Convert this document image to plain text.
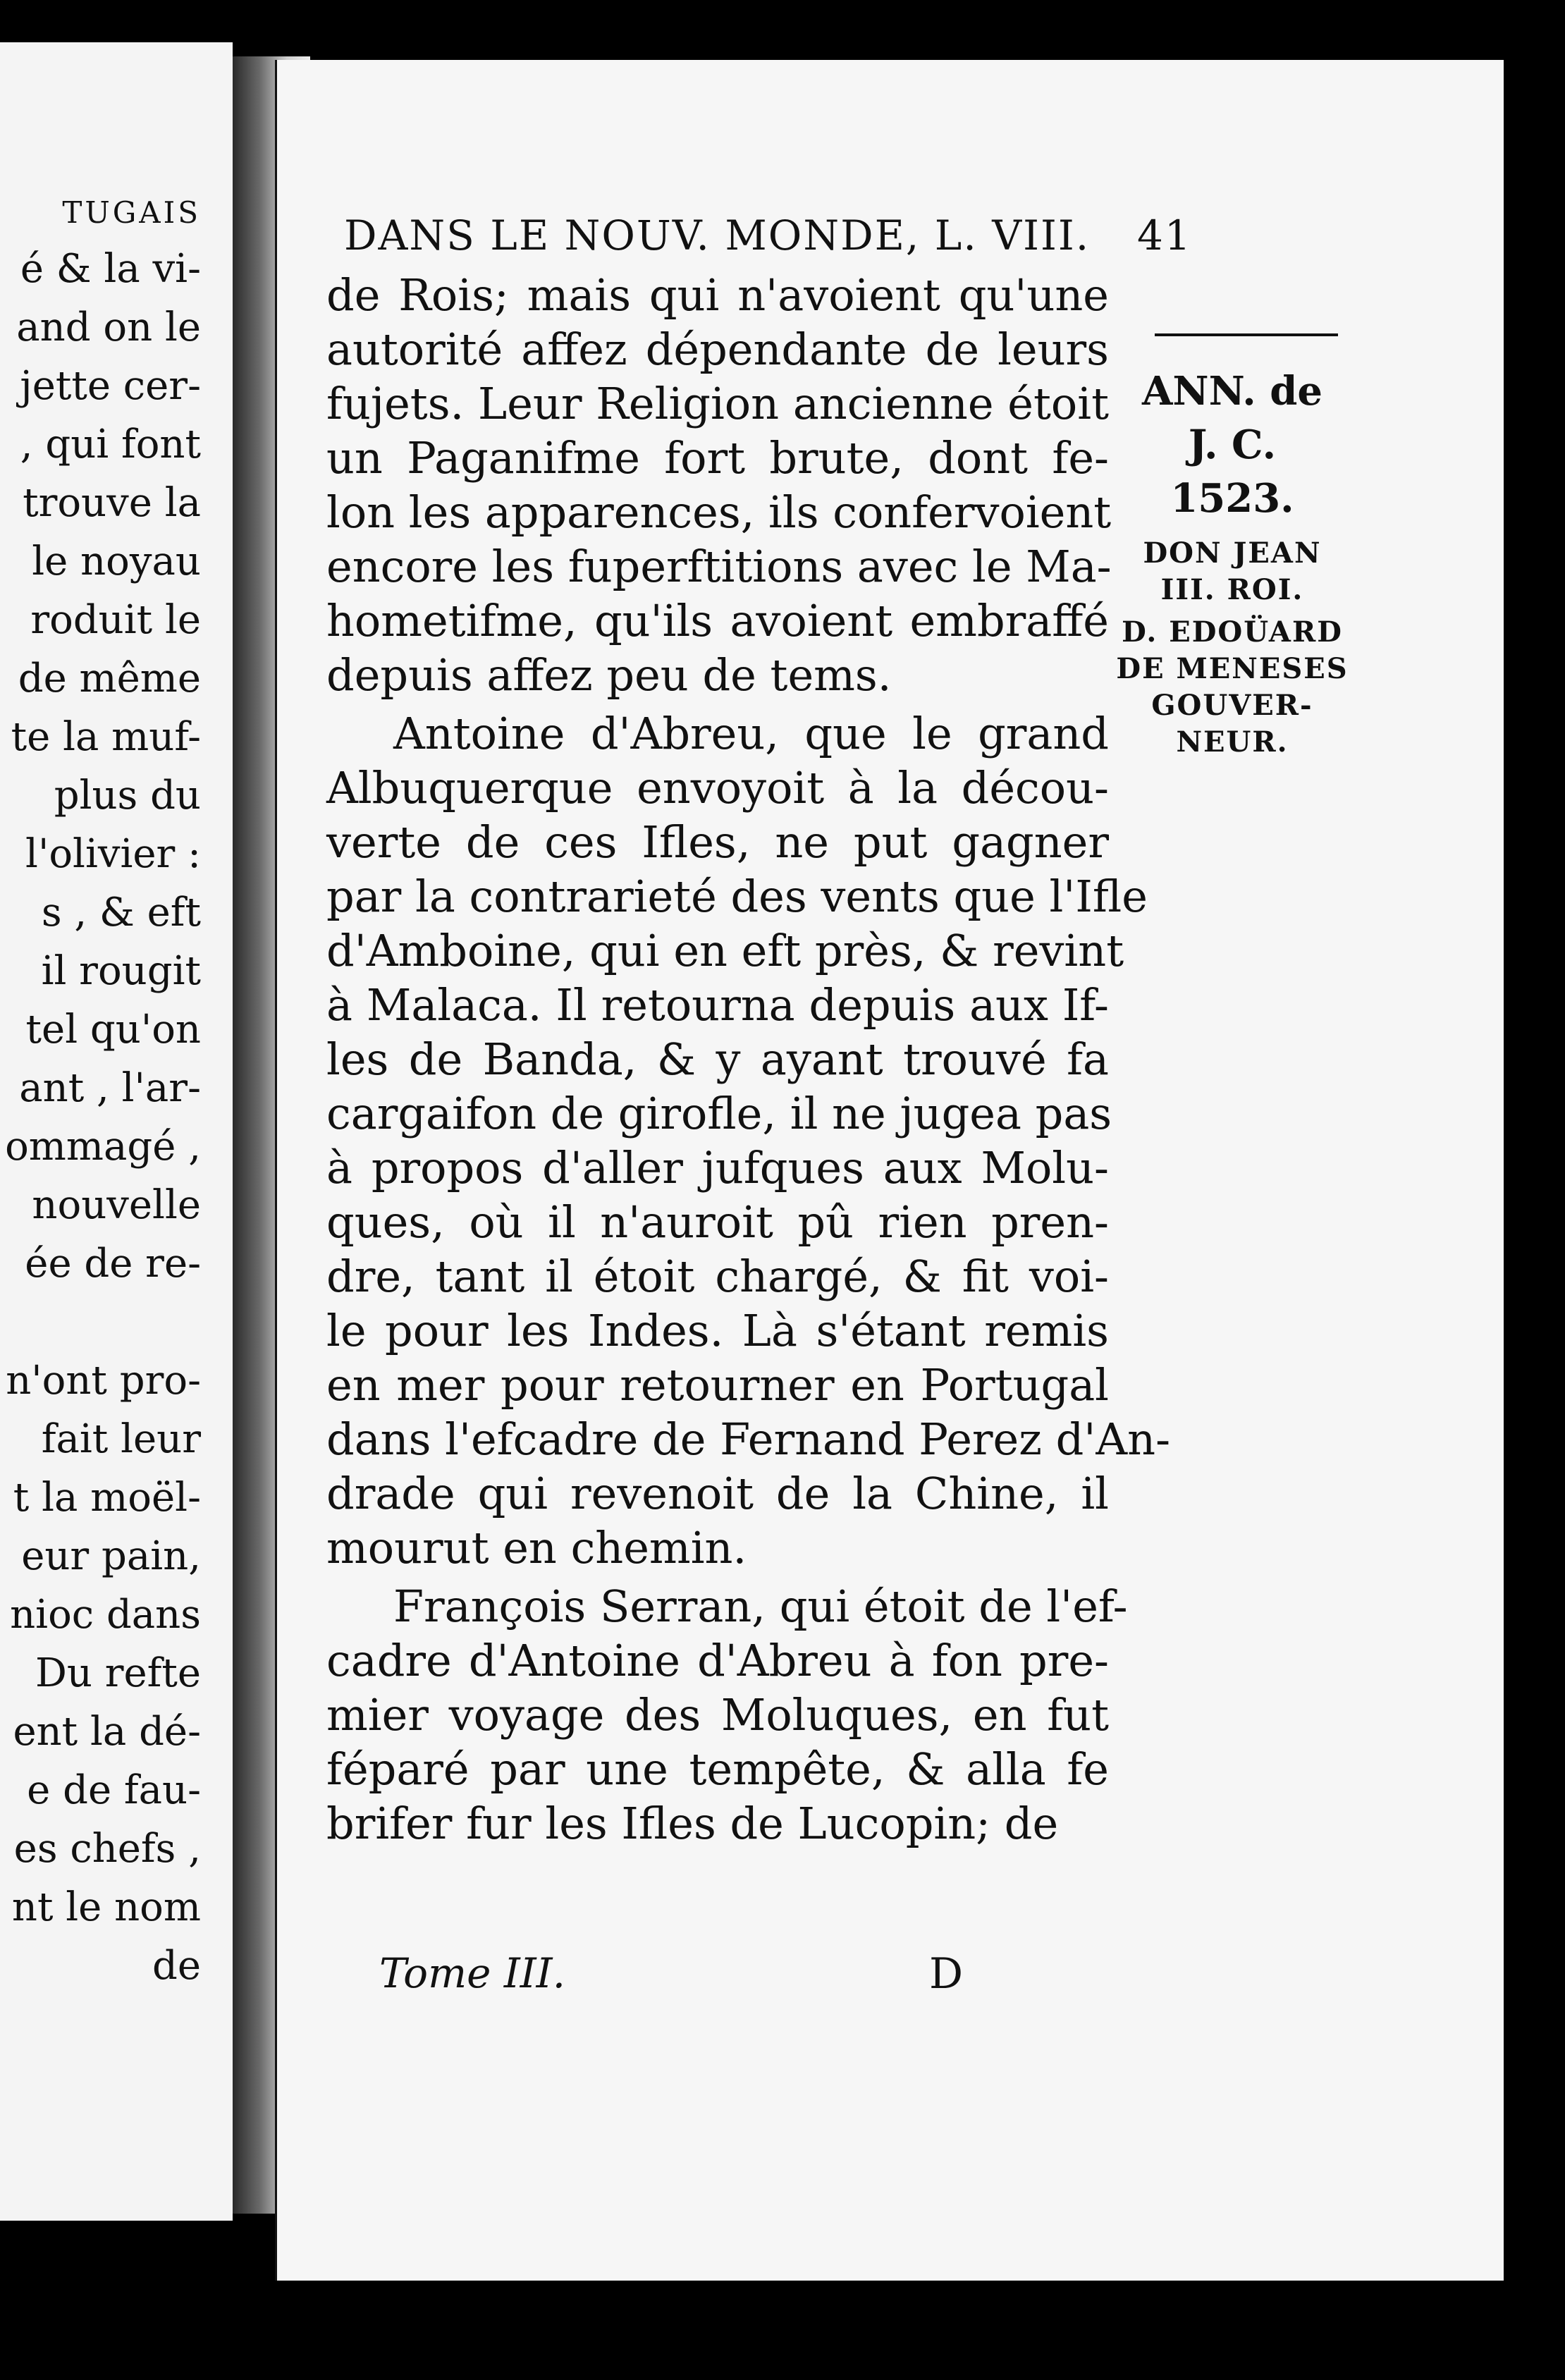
TUGAIS
é & la vi-
and on le
jette cer-
, qui font
trouve la
le noyau
roduit le
de même
te la muf-
plus du
l'olivier :
s , & eft
il rougit
tel qu'on
ant , l'ar-
ommagé ,
nouvelle
ée de re-
n'ont pro-
fait leur
t la moël-
eur pain,
nioc dans
Du refte
ent la dé-
e de fau-
es chefs ,
nt le nom
de
DANS LE NOUV. MONDE, L. VIII. 41
de Rois; mais qui n'avoient qu'une
autorité affez dépendante de leurs
fujets. Leur Religion ancienne étoit
un Paganifme fort brute, dont fe-
lon les apparences, ils confervoient
encore les fuperftitions avec le Ma-
hometifme, qu'ils avoient embraffé
depuis affez peu de tems.
Antoine d'Abreu, que le grand
Albuquerque envoyoit à la décou-
verte de ces Ifles, ne put gagner
par la contrarieté des vents que l'Ifle
d'Amboine, qui en eft près, & revint
à Malaca. Il retourna depuis aux If-
les de Banda, & y ayant trouvé fa
cargaifon de girofle, il ne jugea pas
à propos d'aller jufques aux Molu-
ques, où il n'auroit pû rien pren-
dre, tant il étoit chargé, & fit voi-
le pour les Indes. Là s'étant remis
en mer pour retourner en Portugal
dans l'efcadre de Fernand Perez d'An-
drade qui revenoit de la Chine, il
mourut en chemin.
François Serran, qui étoit de l'ef-
cadre d'Antoine d'Abreu à fon pre-
mier voyage des Moluques, en fut
féparé par une tempête, & alla fe
brifer fur les Ifles de Lucopin; de
ANN. de
J. C.
1523.
DON JEAN
III. ROI.
D. EDOÜARD
DE MENESES
GOUVER-
NEUR.
Tome III.	D
